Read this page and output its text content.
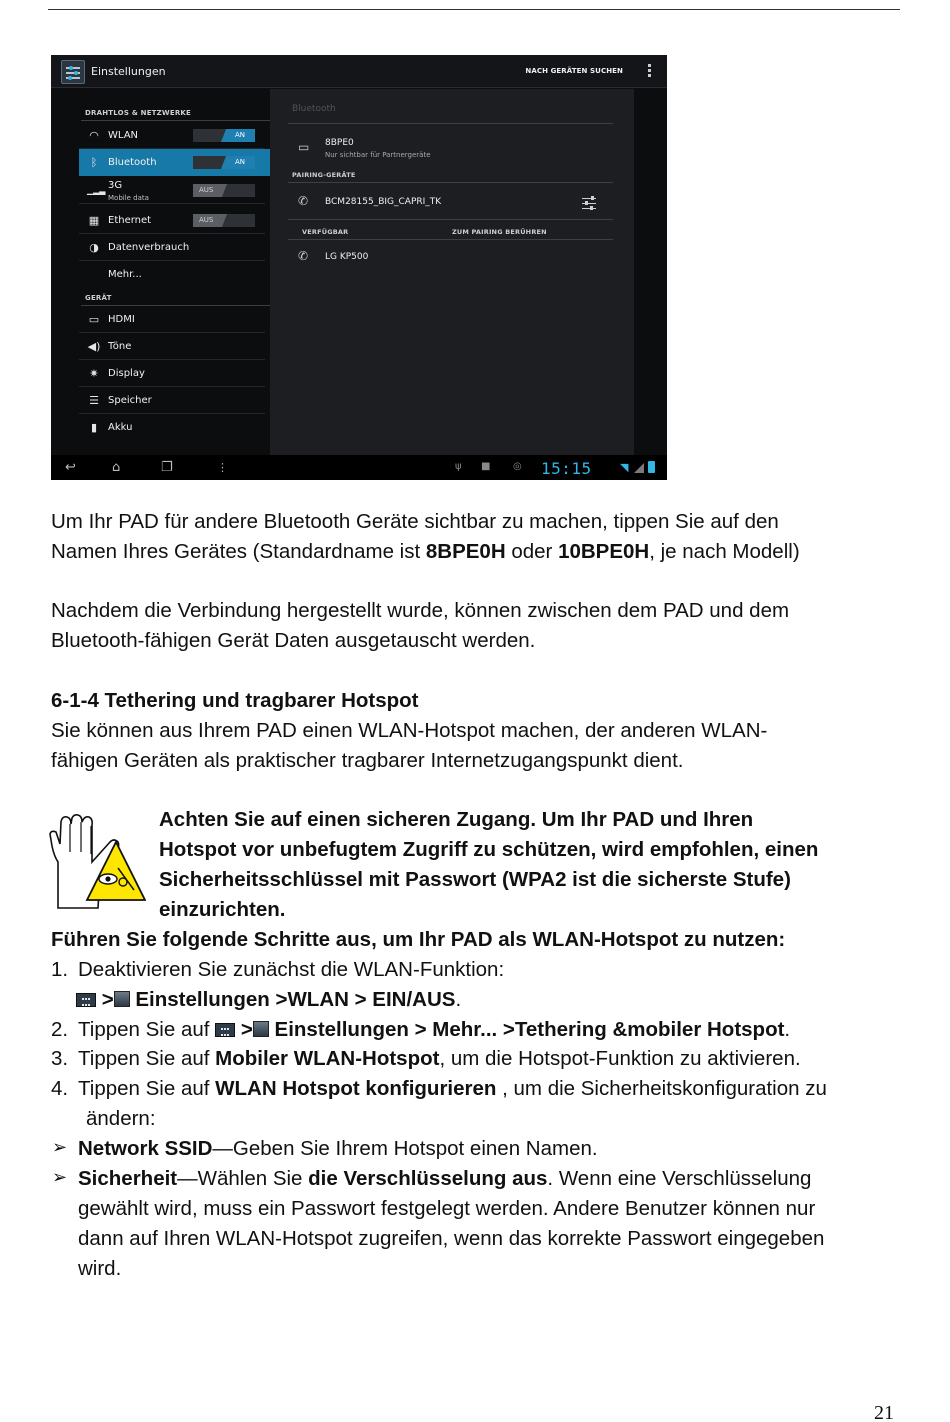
Einstellungen	NACH GERÄTEN SUCHEN
DRAHTLOS & NETZWERKE
◠ WLAN	AN
ᛒ	Bluetooth	AN
▁▂▃ 3G
Mobile data
AUS
▦ Ethernet	AUS
◑ Datenverbrauch
Mehr...
GERÄT
▭ HDMI
◀) Töne
✷ Display
☰ Speicher
▮	Akku
Bluetooth
▭ 8BPE0
Nur sichtbar für Partnergeräte
PAIRING-GERÄTE
✆ BCM28155_BIG_CAPRI_TK
VERFÜGBAR	ZUM PAIRING BERÜHREN
✆ LG KP500
↩	⌂	❐	⋮	ψ ■ ◎ 15:15	◥
Um Ihr PAD für andere Bluetooth Geräte sichtbar zu machen, tippen Sie auf den
Namen Ihres Gerätes (Standardname ist 8BPE0H oder 10BPE0H, je nach Modell)
Nachdem die Verbindung hergestellt wurde, können zwischen dem PAD und dem
Bluetooth-fähigen Gerät Daten ausgetauscht werden.
6-1-4 Tethering und tragbarer Hotspot
Sie können aus Ihrem PAD einen WLAN-Hotspot machen, der anderen WLAN-
fähigen Geräten als praktischer tragbarer Internetzugangspunkt dient.
Achten Sie auf einen sicheren Zugang. Um Ihr PAD und Ihren
Hotspot vor unbefugtem Zugriff zu schützen, wird empfohlen, einen
Sicherheitsschlüssel mit Passwort (WPA2 ist die sicherste Stufe)
einzurichten.
Führen Sie folgende Schritte aus, um Ihr PAD als WLAN-Hotspot zu nutzen:
1. Deaktivieren Sie zunächst die WLAN-Funktion:
> Einstellungen >WLAN > EIN/AUS.
2. Tippen Sie auf  > Einstellungen > Mehr... >Tethering &mobiler Hotspot.
3. Tippen Sie auf Mobiler WLAN-Hotspot, um die Hotspot-Funktion zu aktivieren.
4. Tippen Sie auf WLAN Hotspot konfigurieren , um die Sicherheitskonfiguration zu
ändern:
➢ Network SSID—Geben Sie Ihrem Hotspot einen Namen.
➢ Sicherheit—Wählen Sie die Verschlüsselung aus. Wenn eine Verschlüsselung
gewählt wird, muss ein Passwort festgelegt werden. Andere Benutzer können nur
dann auf Ihren WLAN-Hotspot zugreifen, wenn das korrekte Passwort eingegeben
wird.
21
